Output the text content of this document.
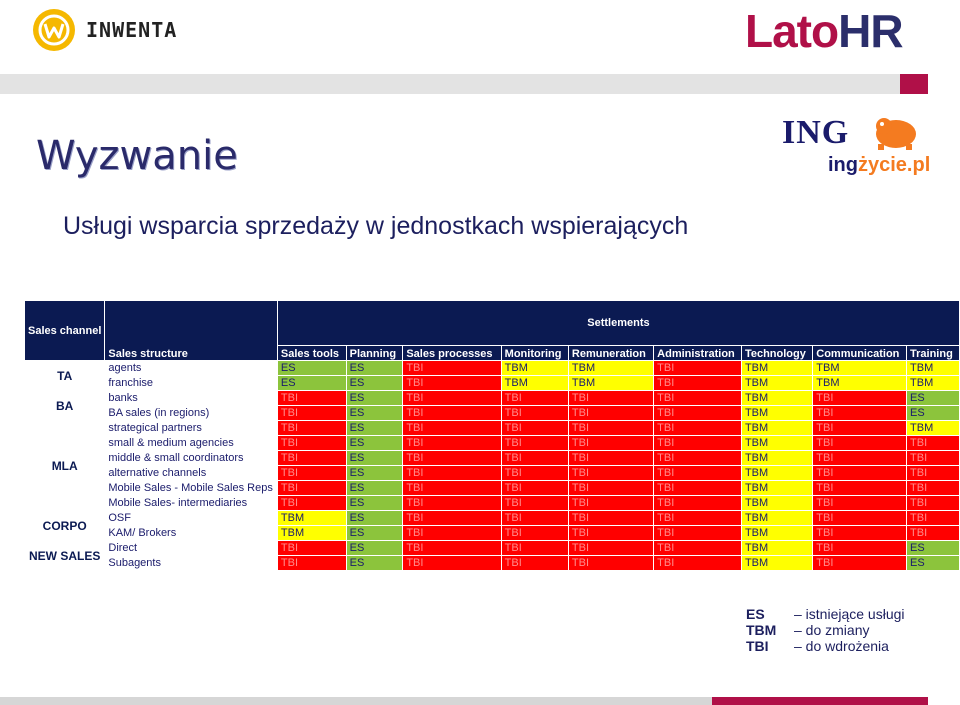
INWENTA	LatoHR
ING
ingżycie.pl
Wyzwanie
Usługi wsparcia sprzedaży w jednostkach wspierających
Sales channel	Sales structure	Settlements								
		Sales tools	Planning	Sales processes	Monitoring	Remuneration	Administration	Technology	Communication	Training
TA	agents	ES	ES	TBI	TBM	TBM	TBI	TBM	TBM	TBM
	franchise	ES	ES	TBI	TBM	TBM	TBI	TBM	TBM	TBM
BA	banks	TBI	ES	TBI	TBI	TBI	TBI	TBM	TBI	ES
	BA sales (in regions)	TBI	ES	TBI	TBI	TBI	TBI	TBM	TBI	ES
MLA	strategical partners	TBI	ES	TBI	TBI	TBI	TBI	TBM	TBI	TBM
	small & medium agencies	TBI	ES	TBI	TBI	TBI	TBI	TBM	TBI	TBI
	middle & small coordinators	TBI	ES	TBI	TBI	TBI	TBI	TBM	TBI	TBI
	alternative channels	TBI	ES	TBI	TBI	TBI	TBI	TBM	TBI	TBI
	Mobile Sales - Mobile Sales Reps	TBI	ES	TBI	TBI	TBI	TBI	TBM	TBI	TBI
	Mobile Sales- intermediaries	TBI	ES	TBI	TBI	TBI	TBI	TBM	TBI	TBI
CORPO	OSF	TBM	ES	TBI	TBI	TBI	TBI	TBM	TBI	TBI
	KAM/ Brokers	TBM	ES	TBI	TBI	TBI	TBI	TBM	TBI	TBI
NEW SALES	Direct	TBI	ES	TBI	TBI	TBI	TBI	TBM	TBI	ES
	Subagents	TBI	ES	TBI	TBI	TBI	TBI	TBM	TBI	ES
ES	– istniejące usługi
TBM	– do zmiany
TBI	– do wdrożenia
